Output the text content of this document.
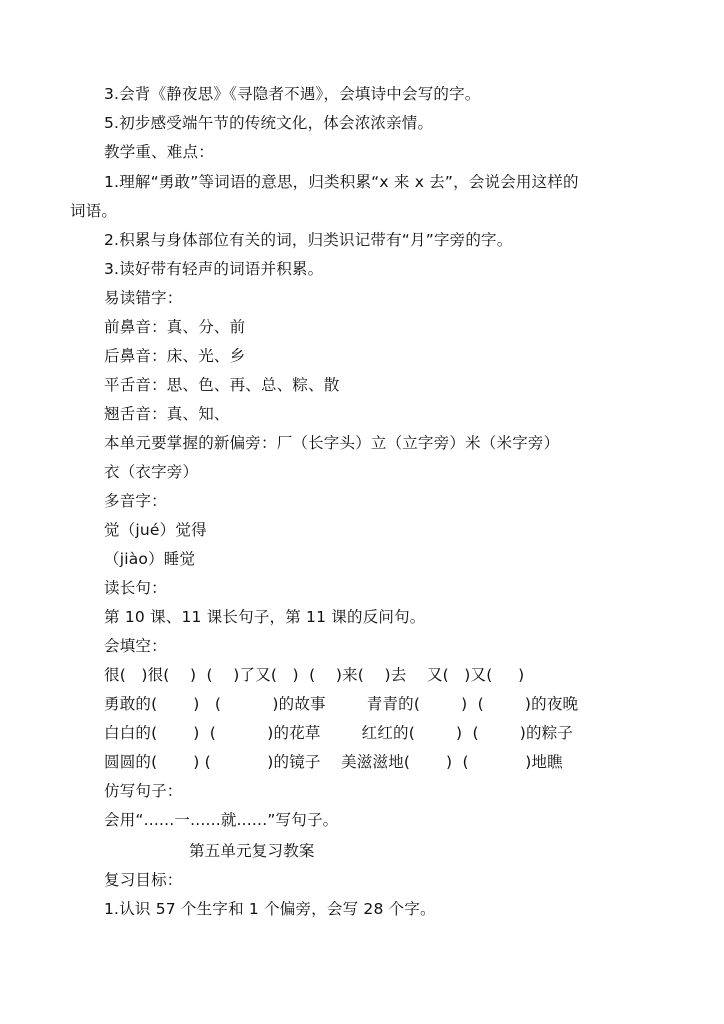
3.会背《静夜思》《寻隐者不遇》，会填诗中会写的字。
5.初步感受端午节的传统文化，体会浓浓亲情。
教学重、难点：
1.理解“勇敢”等词语的意思，归类积累“x 来 x 去”，会说会用这样的
词语。
2.积累与身体部位有关的词，归类识记带有“月”字旁的字。
3.读好带有轻声的词语并积累。
易读错字：
前鼻音：真、分、前
后鼻音：床、光、乡
平舌音：思、色、再、总、粽、散
翘舌音：真、知、
本单元要掌握的新偏旁：厂（长字头）立（立字旁）米（米字旁）
衣（衣字旁）
多音字：
觉（jué）觉得
（jiào）睡觉
读长句：
第 10 课、11 课长句子，第 11 课的反问句。
会填空：
很(   )很(    )  (    )了又(   )  (    )来(    )去    又(   )又(     )
勇敢的(       )   (          )的故事        青青的(        )  (        )的夜晚
白白的(       )  (          )的花草        红红的(        )  (        )的粽子
圆圆的(       ) (           )的镜子    美滋滋地(       )  (           )地瞧
仿写句子：
会用“......一......就......”写句子。
第五单元复习教案
复习目标：
1.认识 57 个生字和 1 个偏旁，会写 28 个字。
